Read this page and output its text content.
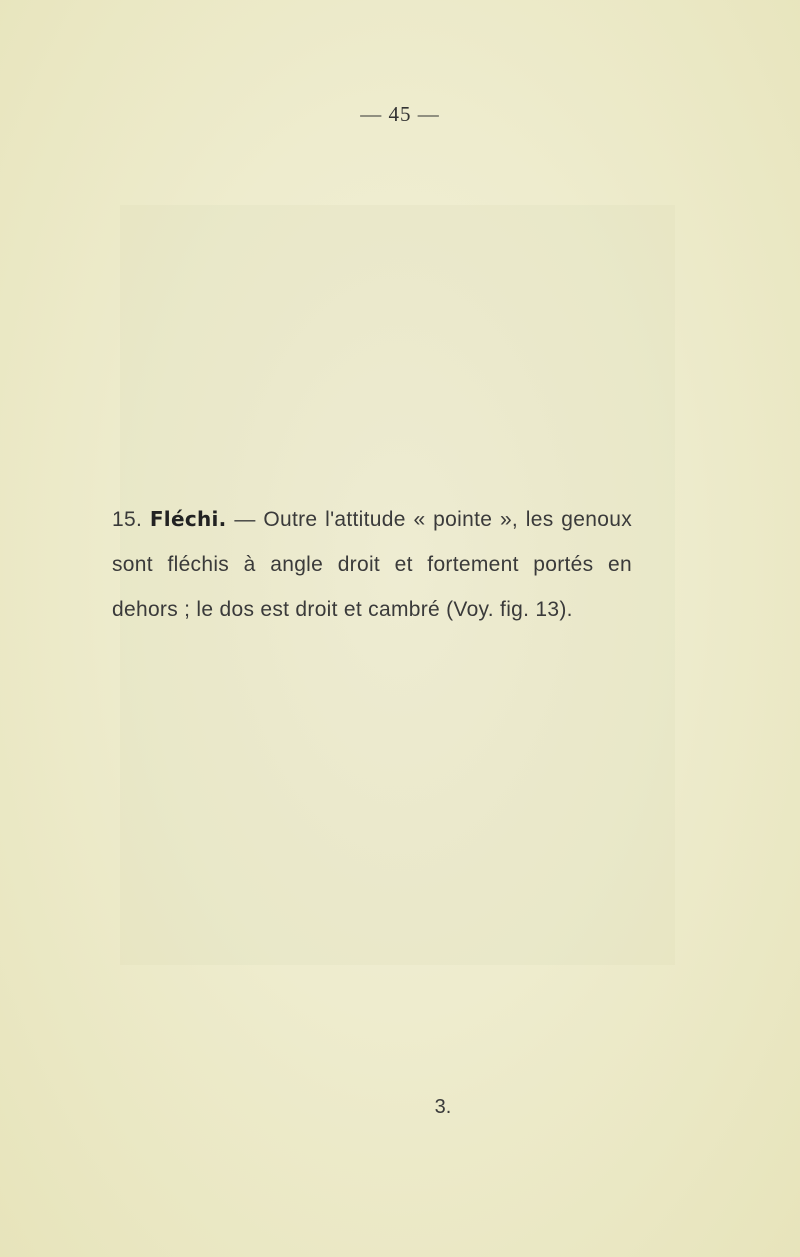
— 45 —

15. Fléchi. — Outre l'attitude « pointe », les genoux sont fléchis à angle droit et fortement portés en dehors ; le dos est droit et cambré (Voy. fig. 13).

3.
